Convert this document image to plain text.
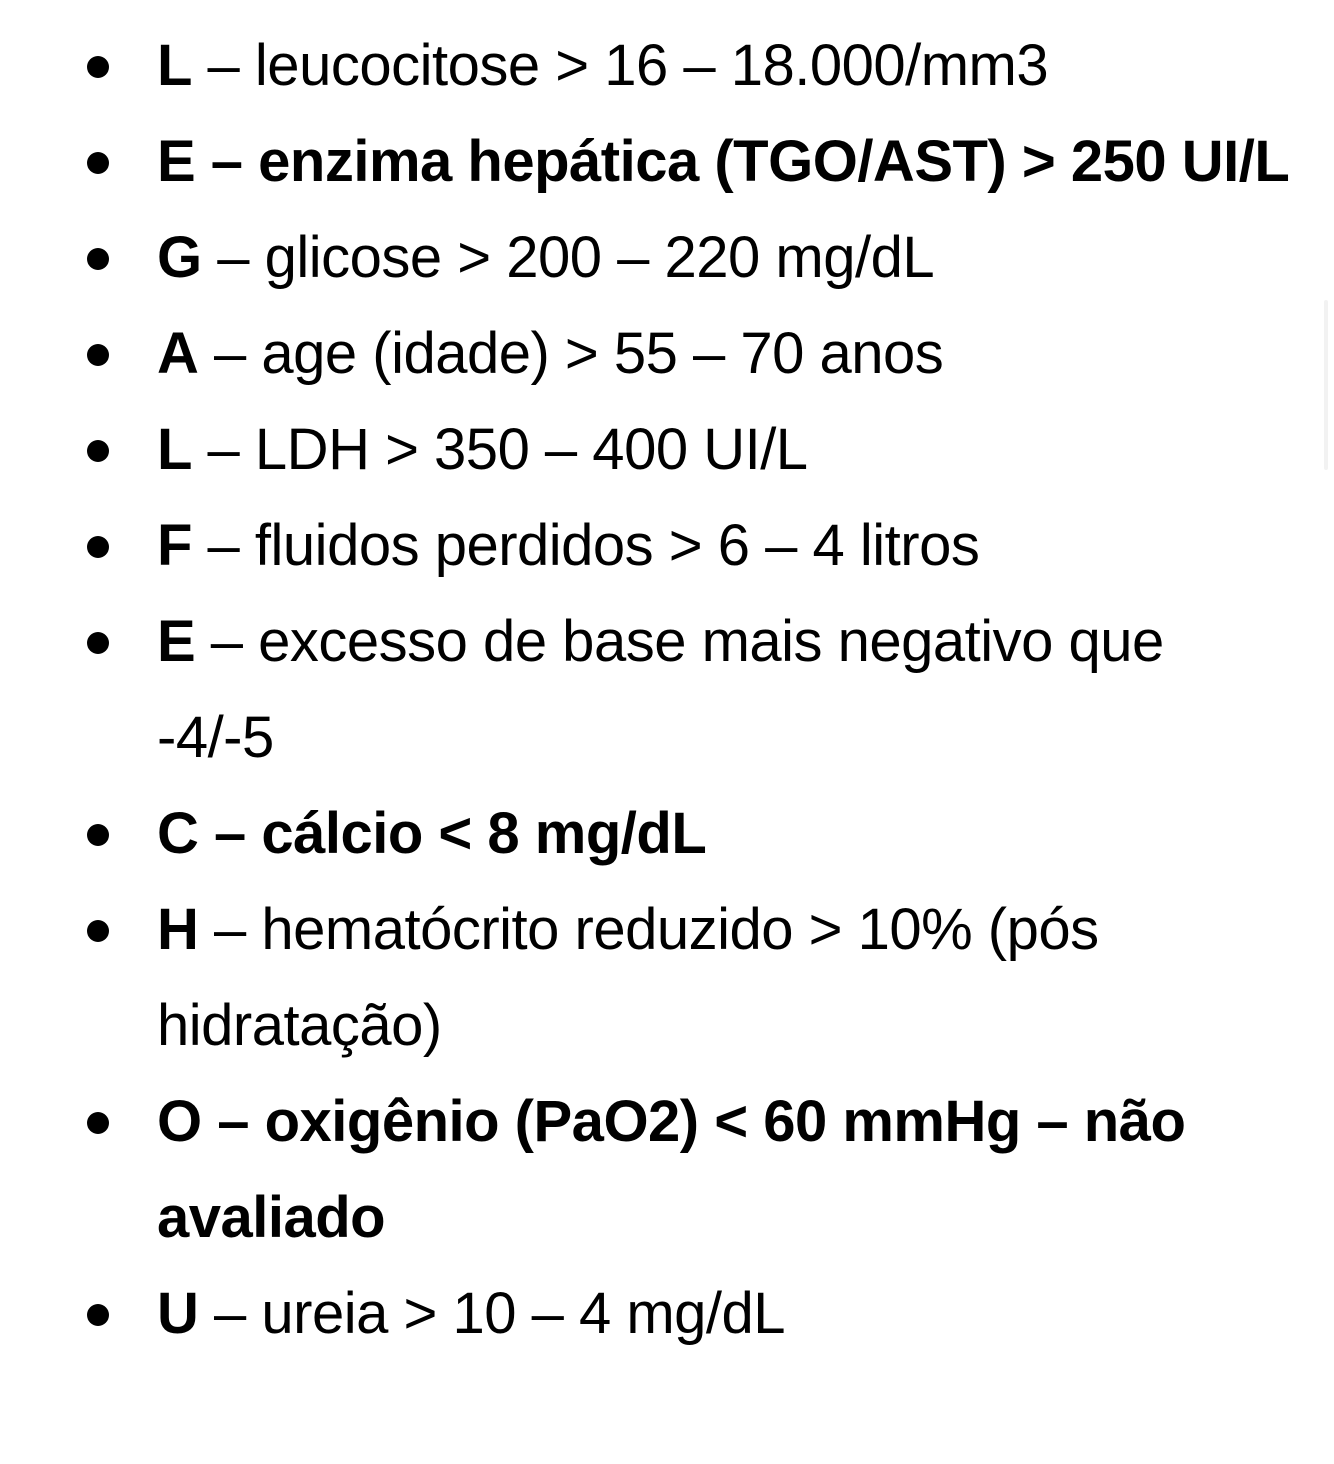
L – leucocitose > 16 – 18.000/mm3
E – enzima hepática (TGO/AST) > 250 UI/L
G – glicose > 200 – 220 mg/dL
A – age (idade) > 55 – 70 anos
L – LDH > 350 – 400 UI/L
F – fluidos perdidos > 6 – 4 litros
E – excesso de base mais negativo que -4/-5
C – cálcio < 8 mg/dL
H – hematócrito reduzido > 10% (pós hidratação)
O – oxigênio (PaO2) < 60 mmHg – não avaliado
U – ureia > 10 – 4 mg/dL
